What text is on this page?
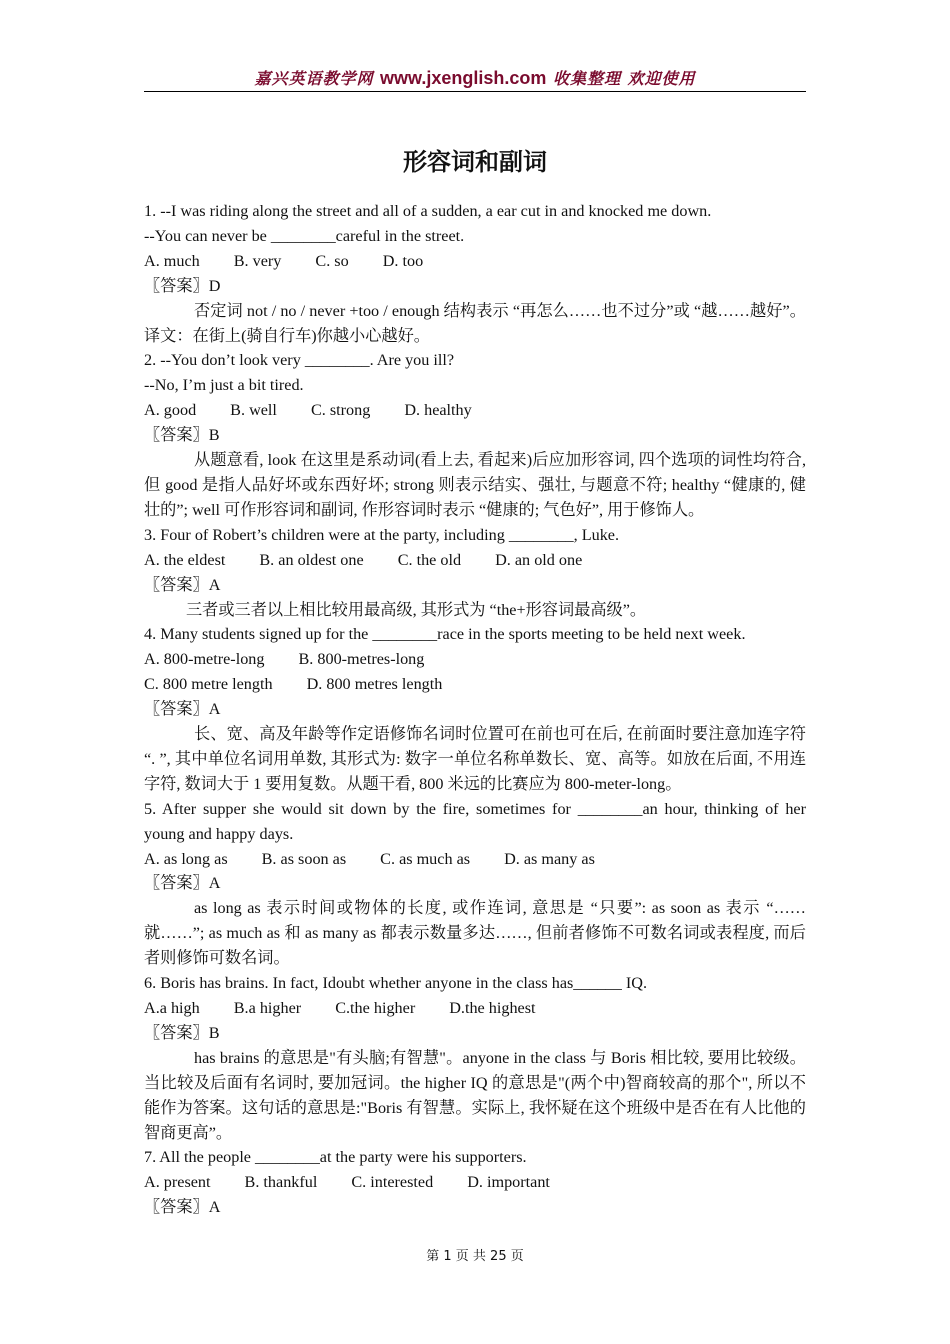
嘉兴英语教学网 www.jxenglish.com 收集整理 欢迎使用
形容词和副词
1. --I was riding along the street and all of a sudden, a ear cut in and knocked me down.
--You can never be ________careful in the street.
A. much B. very C. so D. too
〖答案〗D
否定词 not / no / never +too / enough 结构表示 “再怎么……也不过分”或 “越……越好”。译文：在街上(骑自行车)你越小心越好。
2. --You don’t look very ________. Are you ill?
--No, I’m just a bit tired.
A. good B. well C. strong D. healthy
〖答案〗B
从题意看, look 在这里是系动词(看上去, 看起来)后应加形容词, 四个选项的词性均符合, 但 good 是指人品好坏或东西好坏; strong 则表示结实、强壮, 与题意不符; healthy “健康的, 健壮的”; well 可作形容词和副词, 作形容词时表示 “健康的; 气色好”, 用于修饰人。
3. Four of Robert’s children were at the party, including ________, Luke.
A. the eldest B. an oldest one C. the old D. an old one
〖答案〗A
三者或三者以上相比较用最高级, 其形式为 “the+形容词最高级”。
4. Many students signed up for the ________race in the sports meeting to be held next week.
A. 800-metre-long B. 800-metres-long
C. 800 metre length D. 800 metres length
〖答案〗A
长、宽、高及年龄等作定语修饰名词时位置可在前也可在后, 在前面时要注意加连字符 “. ”, 其中单位名词用单数, 其形式为: 数字一单位名称单数长、宽、高等。如放在后面, 不用连字符, 数词大于 1 要用复数。从题干看, 800 米远的比赛应为 800-meter-long。
5. After supper she would sit down by the fire, sometimes for ________an hour, thinking of her young and happy days.
A. as long as B. as soon as C. as much as D. as many as
〖答案〗A
as long as 表示时间或物体的长度, 或作连词, 意思是 “只要”: as soon as 表示 “……就……”; as much as 和 as many as 都表示数量多达……, 但前者修饰不可数名词或表程度, 而后者则修饰可数名词。
6. Boris has brains. In fact, Idoubt whether anyone in the class has______ IQ.
A.a high B.a higher C.the higher D.the highest
〖答案〗B
has brains 的意思是"有头脑;有智慧"。anyone in the class 与 Boris 相比较, 要用比较级。当比较及后面有名词时, 要加冠词。the higher IQ 的意思是"(两个中)智商较高的那个", 所以不能作为答案。这句话的意思是:"Boris 有智慧。实际上, 我怀疑在这个班级中是否在有人比他的智商更高”。
7. All the people ________at the party were his supporters.
A. present B. thankful C. interested D. important
〖答案〗A
第 1 页 共 25 页
